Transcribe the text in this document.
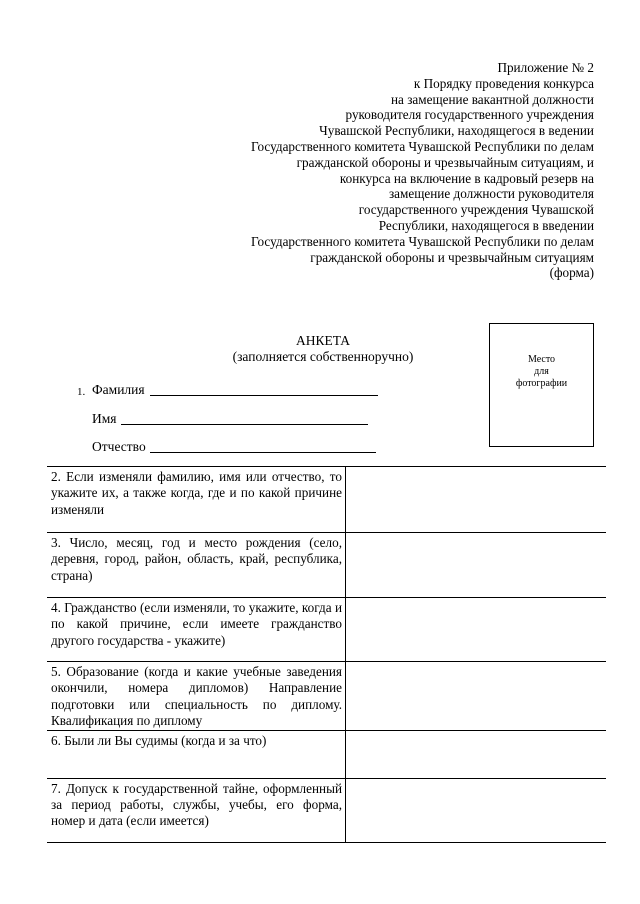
Приложение № 2
к Порядку проведения конкурса
на замещение вакантной должности
руководителя государственного учреждения
Чувашской Республики, находящегося в ведении
Государственного комитета Чувашской Республики по делам
гражданской обороны и чрезвычайным ситуациям, и
конкурса на включение в кадровый резерв на
замещение должности руководителя
государственного учреждения Чувашской
Республики, находящегося в введении
Государственного комитета Чувашской Республики по делам
гражданской обороны и чрезвычайным ситуациям
(форма)
АНКЕТА
(заполняется собственноручно)	Место
для
фотографии
1. Фамилия
Имя
Отчество
2. Если изменяли фамилию, имя или отчество, то укажите их, а также когда, где и по какой причине изменяли	
3. Число, месяц, год и место рождения (село, деревня, город, район, область, край, республика, страна)	
4. Гражданство (если изменяли, то укажите, когда и по какой причине, если имеете гражданство другого государства - укажите)	
5. Образование (когда и какие учебные заведения окончили, номера дипломов) Направление подготовки или специальность по диплому. Квалификация по диплому	
6. Были ли Вы судимы (когда и за что)	
7. Допуск к государственной тайне, оформленный за период работы, службы, учебы, его форма, номер и дата (если имеется)	
